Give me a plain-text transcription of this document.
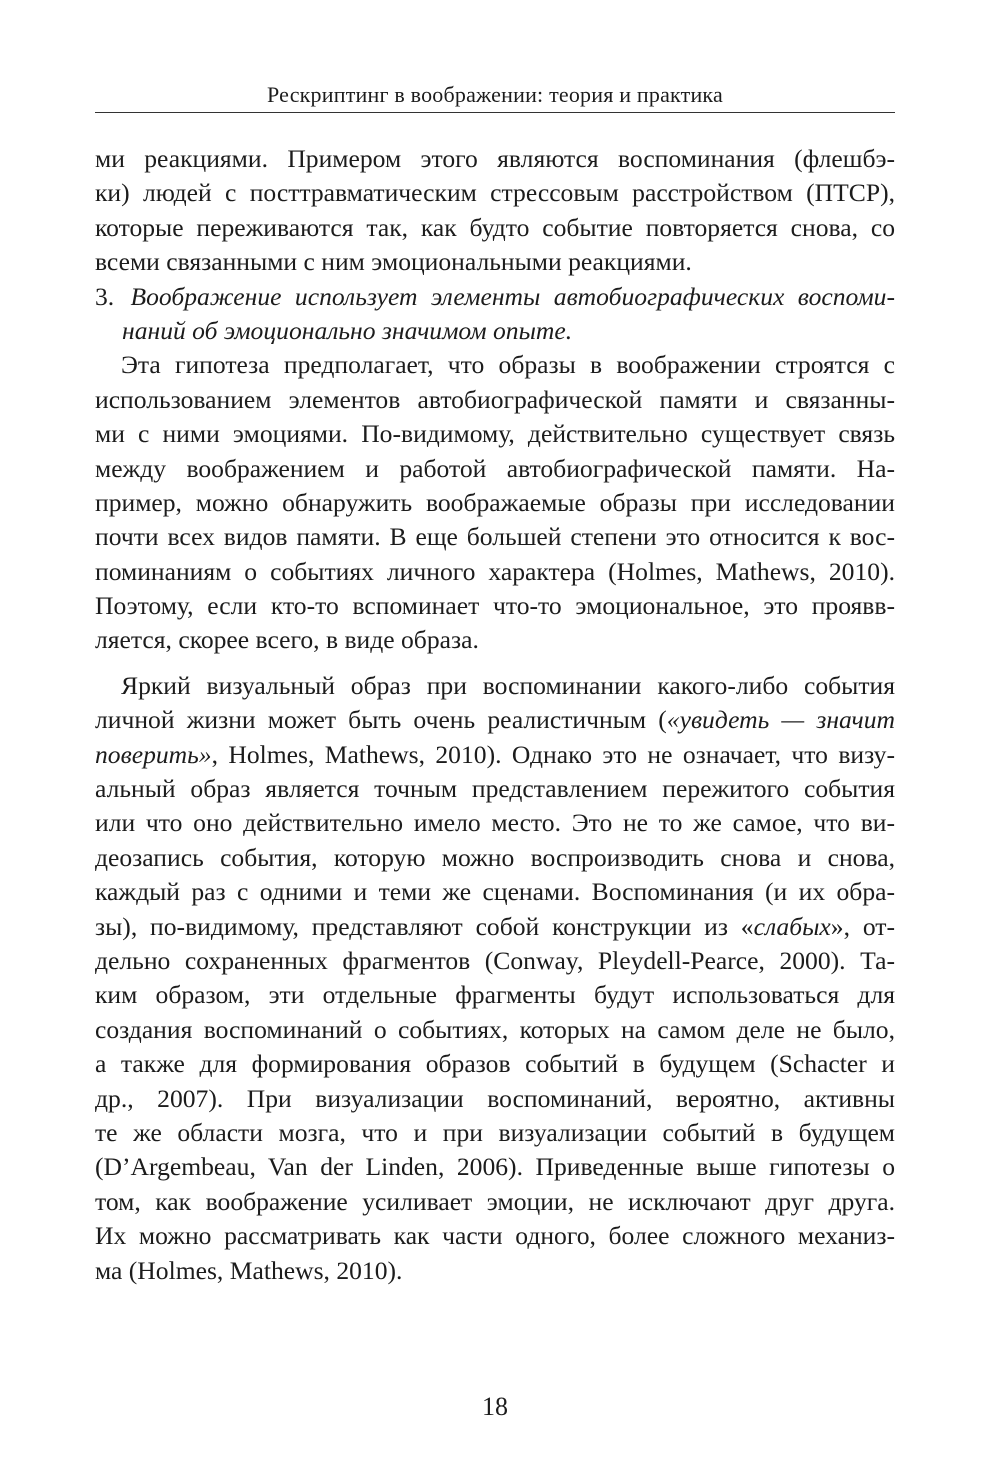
Рескриптинг в воображении: теория и практика
ми реакциями. Примером этого являются воспоминания (флешбэ-
ки) людей с посттравматическим стрессовым расстройством (ПТСР),
которые переживаются так, как будто событие повторяется снова, со
всеми связанными с ним эмоциональными реакциями.
3. Воображение использует элементы автобиографических воспоми-
наний об эмоционально значимом опыте.
Эта гипотеза предполагает, что образы в воображении строятся с
использованием элементов автобиографической памяти и связанны-
ми с ними эмоциями. По-видимому, действительно существует связь
между воображением и работой автобиографической памяти. На-
пример, можно обнаружить воображаемые образы при исследовании
почти всех видов памяти. В еще большей степени это относится к вос-
поминаниям о событиях личного характера (Holmes, Mathews, 2010).
Поэтому, если кто-то вспоминает что-то эмоциональное, это проявв-
ляется, скорее всего, в виде образа.
Яркий визуальный образ при воспоминании какого-либо события
личной жизни может быть очень реалистичным («увидеть — значит
поверить», Holmes, Mathews, 2010). Однако это не означает, что визу-
альный образ является точным представлением пережитого события
или что оно действительно имело место. Это не то же самое, что ви-
деозапись события, которую можно воспроизводить снова и снова,
каждый раз с одними и теми же сценами. Воспоминания (и их обра-
зы), по-видимому, представляют собой конструкции из «слабых», от-
дельно сохраненных фрагментов (Conway, Pleydell-Pearce, 2000). Та-
ким образом, эти отдельные фрагменты будут использоваться для
создания воспоминаний о событиях, которых на самом деле не было,
а также для формирования образов событий в будущем (Schacter и
др., 2007). При визуализации воспоминаний, вероятно, активны
те же области мозга, что и при визуализации событий в будущем
(D’Argembeau, Van der Linden, 2006). Приведенные выше гипотезы о
том, как воображение усиливает эмоции, не исключают друг друга.
Их можно рассматривать как части одного, более сложного механиз-
ма (Holmes, Mathews, 2010).
18
